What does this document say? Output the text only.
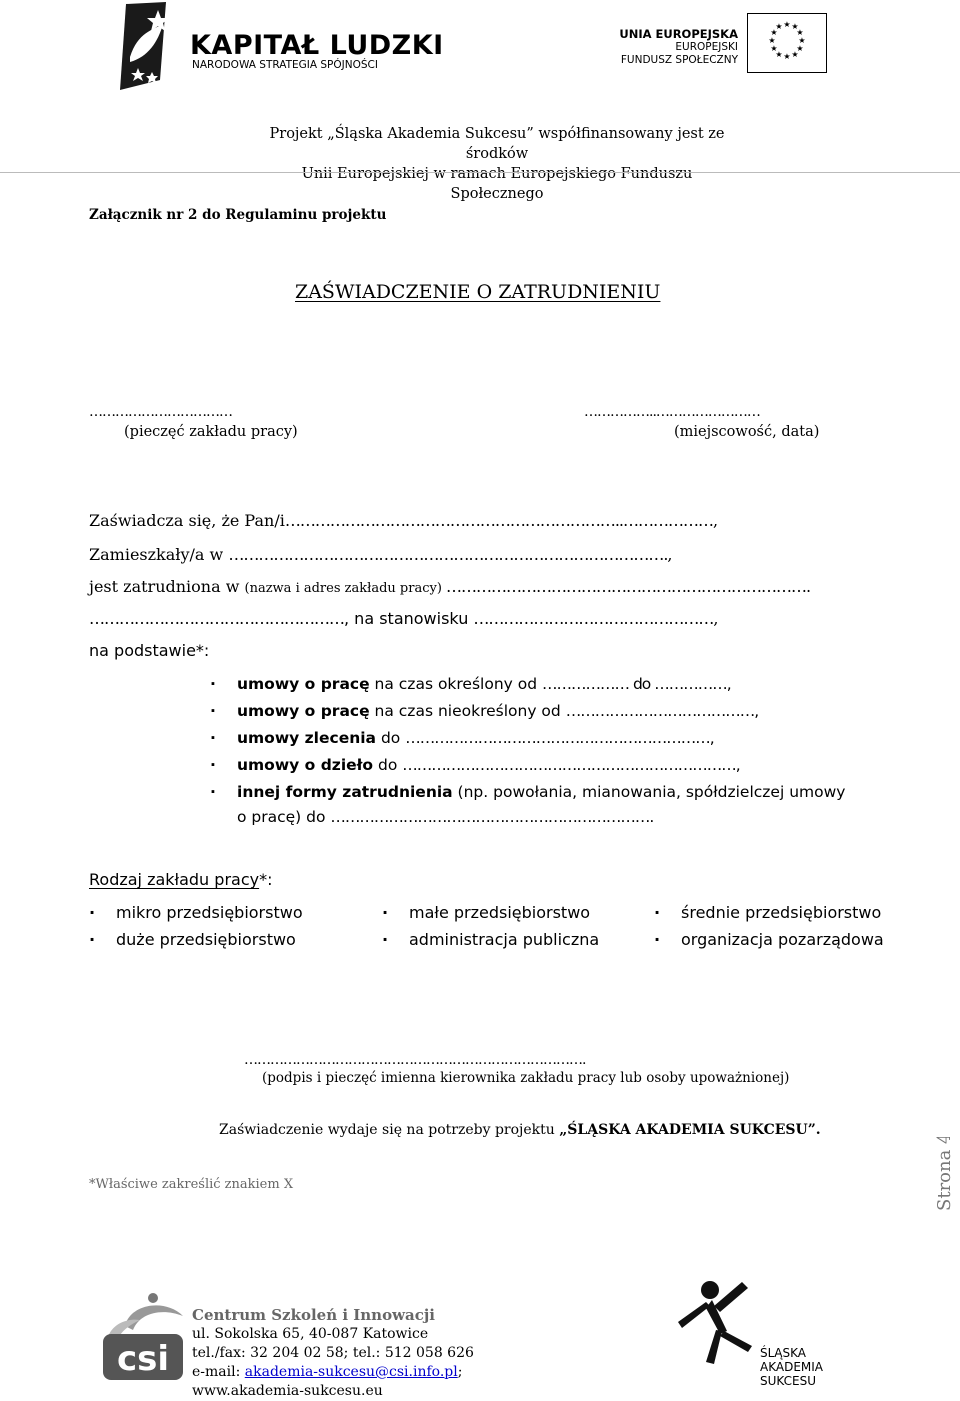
KAPITAŁ LUDZKI
NARODOWA STRATEGIA SPÓJNOŚCI
UNIA EUROPEJSKA
EUROPEJSKI
FUNDUSZ SPOŁECZNY
★ ★
★
★
★
★
★
★
★
★
★
★
Projekt „Śląska Akademia Sukcesu” współfinansowany jest ze środków
Unii Europejskiej w ramach Europejskiego Funduszu Społecznego
Załącznik nr 2 do Regulaminu projektu
ZAŚWIADCZENIE O ZATRUDNIENIU
……………………………
(pieczęć zakładu pracy)
……………..……………………
(miejscowość, data)
Zaświadcza się, że Pan/i…………………………………………………………..………………,
Zamieszkały/a w …………………………………………………………………………….,
jest zatrudniona w (nazwa i adres zakładu pracy) ……………………………………………………………….
……………………………………………, na stanowisku …………………………………………,
na podstawie*:
· umowy o pracę na czas określony od ……………… do ……………,
· umowy o pracę na czas nieokreślony od …………………………………,
· umowy zlecenia do ………………………………………………………,
· umowy o dzieło do ……………………………………………………………,
· innej formy zatrudnienia (np. powołania, mianowania, spółdzielczej umowy
o pracę) do ………………………………………………………….
Rodzaj zakładu pracy*:
· mikro przedsiębiorstwo	· małe przedsiębiorstwo	· średnie przedsiębiorstwo
· duże przedsiębiorstwo	· administracja publiczna	· organizacja pozarządowa
…………………………………………………………………….
(podpis i pieczęć imienna kierownika zakładu pracy lub osoby upoważnionej)
Zaświadczenie wydaje się na potrzeby projektu „ŚLĄSKA AKADEMIA SUKCESU”.
*Właściwe zakreślić znakiem X	Strona 4
csi
Centrum Szkoleń i Innowacji
ul. Sokolska 65, 40-087 Katowice
tel./fax: 32 204 02 58; tel.: 512 058 626
e-mail: akademia-sukcesu@csi.info.pl;
www.akademia-sukcesu.eu
ŚLĄSKA
AKADEMIA
SUKCESU
